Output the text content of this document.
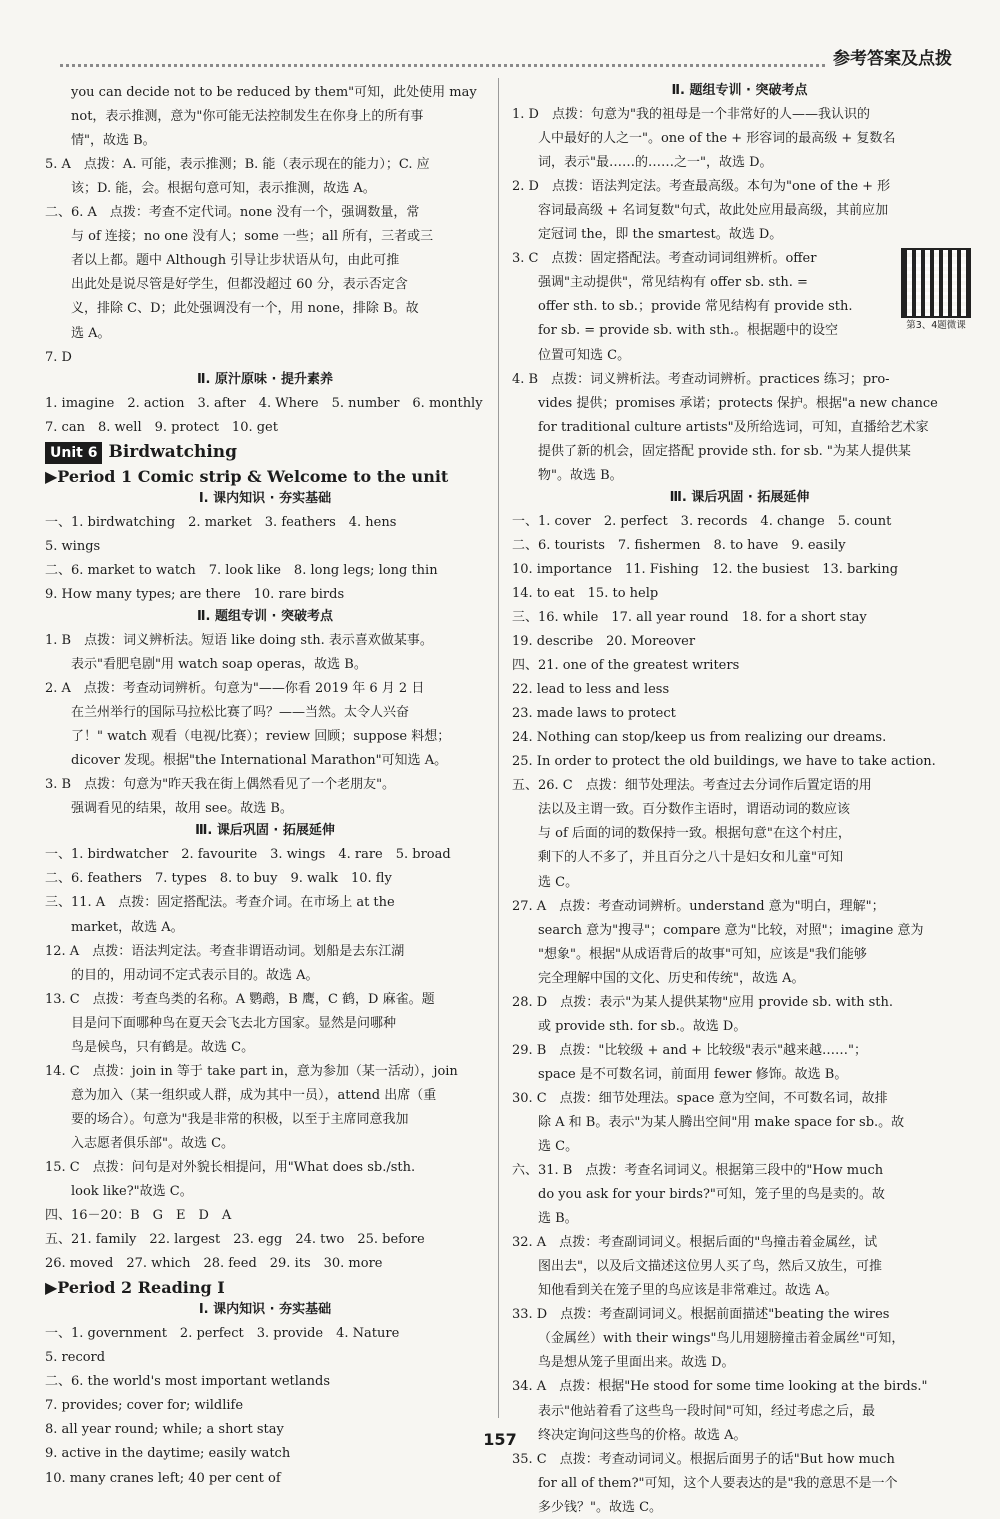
参考答案及点拨
you can decide not to be reduced by them"可知，此处使用 may
not，表示推测，意为"你可能无法控制发生在你身上的所有事
情"，故选 B。
5. A　点拨：A. 可能，表示推测；B. 能（表示现在的能力）；C. 应
该；D. 能，会。根据句意可知，表示推测，故选 A。
二、6. A　点拨：考查不定代词。none 没有一个，强调数量，常
与 of 连接；no one 没有人；some 一些；all 所有，三者或三
者以上都。题中 Although 引导让步状语从句，由此可推
出此处是说尽管是好学生，但都没超过 60 分，表示否定含
义，排除 C、D；此处强调没有一个，用 none，排除 B。故
选 A。
7. D
Ⅱ. 原汁原味 · 提升素养
1. imagine　2. action　3. after　4. Where　5. number　6. monthly
7. can　8. well　9. protect　10. get
Unit 6 Birdwatching
▶Period 1 Comic strip & Welcome to the unit
Ⅰ. 课内知识 · 夯实基础
一、1. birdwatching　2. market　3. feathers　4. hens
5. wings
二、6. market to watch　7. look like　8. long legs; long thin
9. How many types; are there　10. rare birds
Ⅱ. 题组专训 · 突破考点
1. B　点拨：词义辨析法。短语 like doing sth. 表示喜欢做某事。
表示"看肥皂剧"用 watch soap operas，故选 B。
2. A　点拨：考查动词辨析。句意为"——你看 2019 年 6 月 2 日
在兰州举行的国际马拉松比赛了吗？——当然。太令人兴奋
了！" watch 观看（电视/比赛）；review 回顾；suppose 料想；
dicover 发现。根据"the International Marathon"可知选 A。
3. B　点拨：句意为"昨天我在街上偶然看见了一个老朋友"。
强调看见的结果，故用 see。故选 B。
Ⅲ. 课后巩固 · 拓展延伸
一、1. birdwatcher　2. favourite　3. wings　4. rare　5. broad
二、6. feathers　7. types　8. to buy　9. walk　10. fly
三、11. A　点拨：固定搭配法。考查介词。在市场上 at the
market，故选 A。
12. A　点拨：语法判定法。考查非谓语动词。划船是去东江湖
的目的，用动词不定式表示目的。故选 A。
13. C　点拨：考查鸟类的名称。A 鹦鹉，B 鹰，C 鹤，D 麻雀。题
目是问下面哪种鸟在夏天会飞去北方国家。显然是问哪种
鸟是候鸟，只有鹤是。故选 C。
14. C　点拨：join in 等于 take part in，意为参加（某一活动），join
意为加入（某一组织或人群，成为其中一员），attend 出席（重
要的场合）。句意为"我是非常的积极，以至于主席同意我加
入志愿者俱乐部"。故选 C。
15. C　点拨：问句是对外貌长相提问，用"What does sb./sth.
look like?"故选 C。
四、16－20：B　G　E　D　A
五、21. family　22. largest　23. egg　24. two　25. before
26. moved　27. which　28. feed　29. its　30. more
▶Period 2 Reading Ⅰ
Ⅰ. 课内知识 · 夯实基础
一、1. government　2. perfect　3. provide　4. Nature
5. record
二、6. the world's most important wetlands
7. provides; cover for; wildlife
8. all year round; while; a short stay
9. active in the daytime; easily watch
10. many cranes left; 40 per cent of
Ⅱ. 题组专训 · 突破考点
1. D　点拨：句意为"我的祖母是一个非常好的人——我认识的
人中最好的人之一"。one of the + 形容词的最高级 + 复数名
词，表示"最……的……之一"，故选 D。
2. D　点拨：语法判定法。考查最高级。本句为"one of the + 形
容词最高级 + 名词复数"句式，故此处应用最高级，其前应加
定冠词 the，即 the smartest。故选 D。
3. C　点拨：固定搭配法。考查动词词组辨析。offer
强调"主动提供"，常见结构有 offer sb. sth. =
offer sth. to sb.；provide 常见结构有 provide sth.
for sb. = provide sb. with sth.。根据题中的设空
位置可知选 C。
4. B　点拨：词义辨析法。考查动词辨析。practices 练习；pro-
vides 提供；promises 承诺；protects 保护。根据"a new chance
for traditional culture artists"及所给选词，可知，直播给艺术家
提供了新的机会，固定搭配 provide sth. for sb. "为某人提供某
物"。故选 B。
Ⅲ. 课后巩固 · 拓展延伸
一、1. cover　2. perfect　3. records　4. change　5. count
二、6. tourists　7. fishermen　8. to have　9. easily
10. importance　11. Fishing　12. the busiest　13. barking
14. to eat　15. to help
三、16. while　17. all year round　18. for a short stay
19. describe　20. Moreover
四、21. one of the greatest writers
22. lead to less and less
23. made laws to protect
24. Nothing can stop/keep us from realizing our dreams.
25. In order to protect the old buildings, we have to take action.
五、26. C　点拨：细节处理法。考查过去分词作后置定语的用
法以及主谓一致。百分数作主语时，谓语动词的数应该
与 of 后面的词的数保持一致。根据句意"在这个村庄，
剩下的人不多了，并且百分之八十是妇女和儿童"可知
选 C。
27. A　点拨：考查动词辨析。understand 意为"明白，理解"；
search 意为"搜寻"；compare 意为"比较，对照"；imagine 意为
"想象"。根据"从成语背后的故事"可知，应该是"我们能够
完全理解中国的文化、历史和传统"，故选 A。
28. D　点拨：表示"为某人提供某物"应用 provide sb. with sth.
或 provide sth. for sb.。故选 D。
29. B　点拨："比较级 + and + 比较级"表示"越来越……"；
space 是不可数名词，前面用 fewer 修饰。故选 B。
30. C　点拨：细节处理法。space 意为空间，不可数名词，故排
除 A 和 B。表示"为某人腾出空间"用 make space for sb.。故
选 C。
六、31. B　点拨：考查名词词义。根据第三段中的"How much
do you ask for your birds?"可知，笼子里的鸟是卖的。故
选 B。
32. A　点拨：考查副词词义。根据后面的"鸟撞击着金属丝，试
图出去"，以及后文描述这位男人买了鸟，然后又放生，可推
知他看到关在笼子里的鸟应该是非常难过。故选 A。
33. D　点拨：考查副词词义。根据前面描述"beating the wires
（金属丝）with their wings"鸟儿用翅膀撞击着金属丝"可知，
鸟是想从笼子里面出来。故选 D。
34. A　点拨：根据"He stood for some time looking at the birds."
表示"他站着看了这些鸟一段时间"可知，经过考虑之后，最
终决定询问这些鸟的价格。故选 A。
35. C　点拨：考查动词词义。根据后面男子的话"But how much
for all of them?"可知，这个人要表达的是"我的意思不是一个
多少钱？"。故选 C。
第3、4题微课
157
